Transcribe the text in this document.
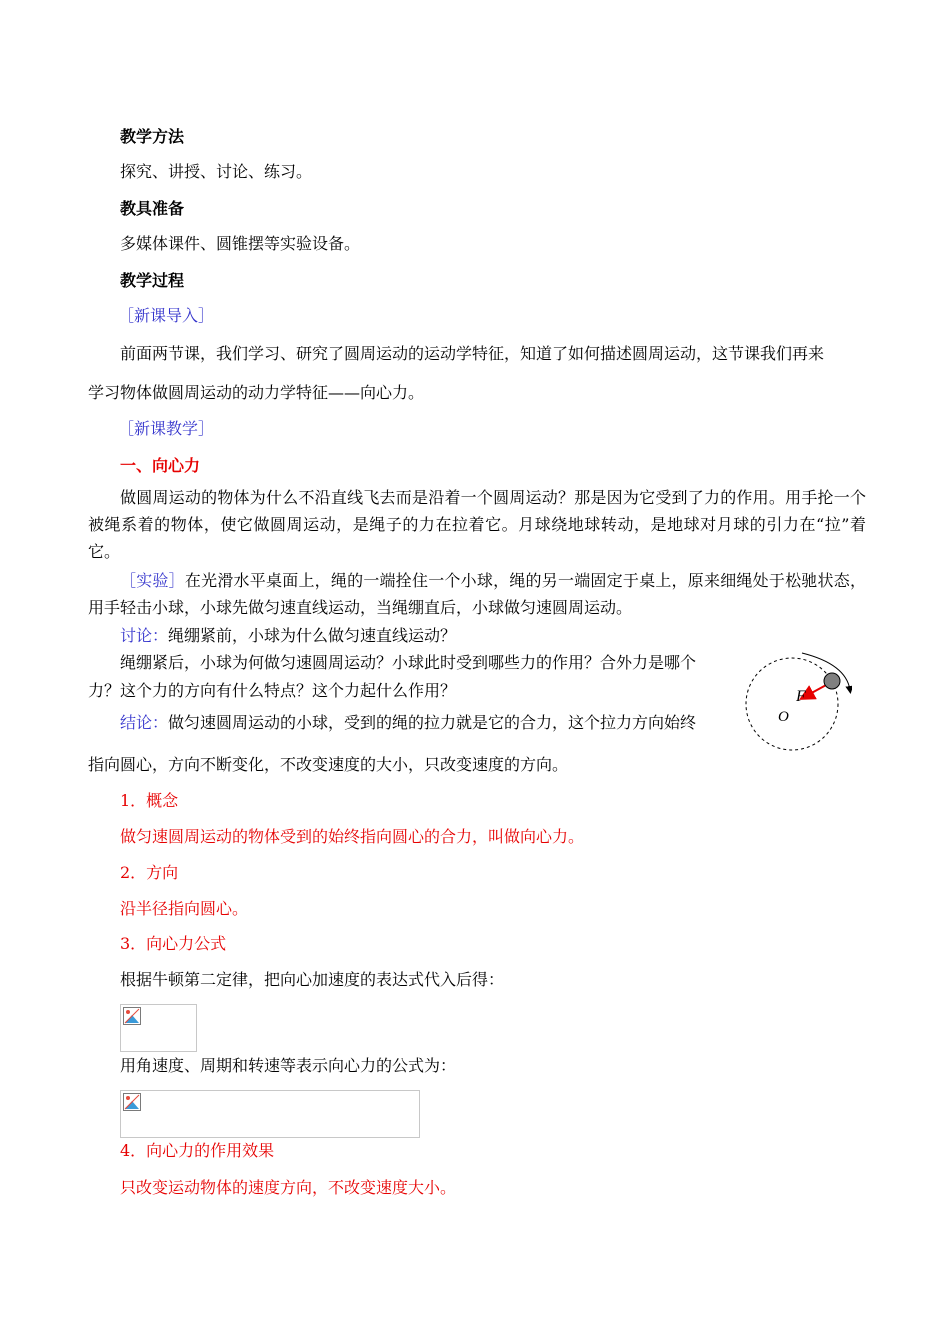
教学方法
探究、讲授、讨论、练习。
教具准备
多媒体课件、圆锥摆等实验设备。
教学过程
［新课导入］
前面两节课，我们学习、研究了圆周运动的运动学特征，知道了如何描述圆周运动，这节课我们再来
学习物体做圆周运动的动力学特征——向心力。
［新课教学］
一、向心力
做圆周运动的物体为什么不沿直线飞去而是沿着一个圆周运动？那是因为它受到了力的作用。用手抡一个被绳系着的物体，使它做圆周运动，是绳子的力在拉着它。月球绕地球转动，是地球对月球的引力在“拉”着它。
［实验］在光滑水平桌面上，绳的一端拴住一个小球，绳的另一端固定于桌上，原来细绳处于松驰状态，用手轻击小球，小球先做匀速直线运动，当绳绷直后，小球做匀速圆周运动。
讨论：绳绷紧前，小球为什么做匀速直线运动？
绳绷紧后，小球为何做匀速圆周运动？小球此时受到哪些力的作用？合外力是哪个
力？这个力的方向有什么特点？这个力起什么作用？
结论：做匀速圆周运动的小球，受到的绳的拉力就是它的合力，这个拉力方向始终
指向圆心，方向不断变化，不改变速度的大小，只改变速度的方向。
F
O
1．概念
做匀速圆周运动的物体受到的始终指向圆心的合力，叫做向心力。
2．方向
沿半径指向圆心。
3．向心力公式
根据牛顿第二定律，把向心加速度的表达式代入后得：
用角速度、周期和转速等表示向心力的公式为：
4．向心力的作用效果
只改变运动物体的速度方向，不改变速度大小。
